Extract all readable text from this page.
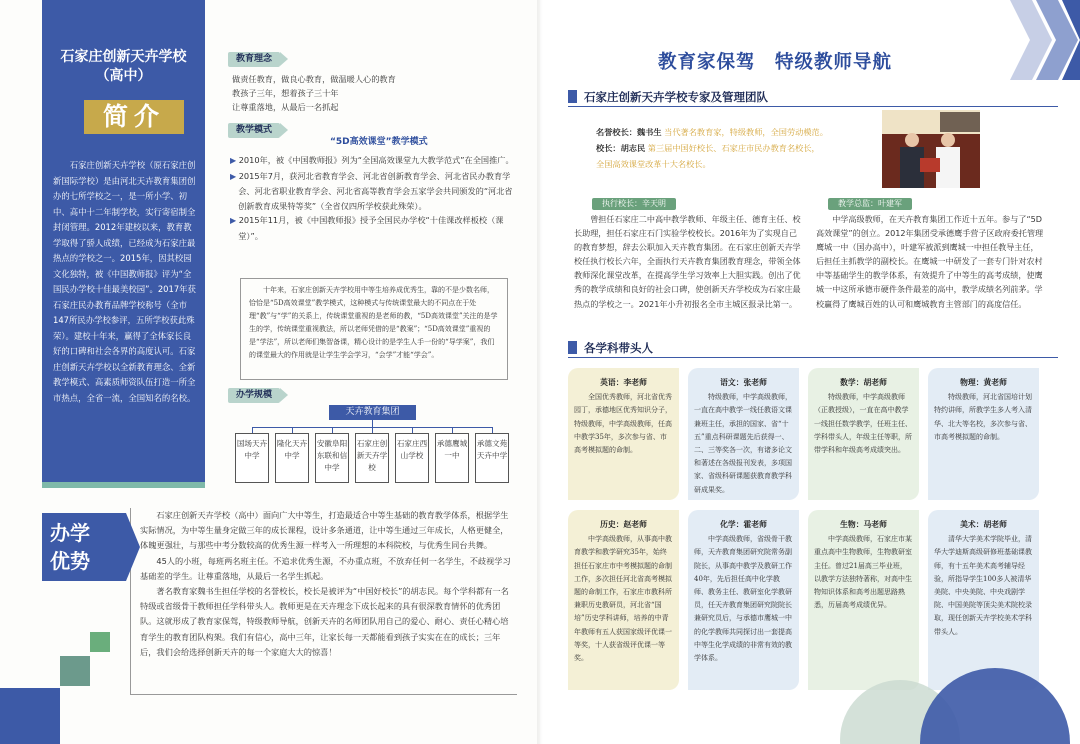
石家庄创新天卉学校
（高中）
简介
石家庄创新天卉学校（原石家庄创新国际学校）是由河北天卉教育集团创办的七所学校之一，是一所小学、初中、高中十二年制学校，实行寄宿制全封闭管理。2012年建校以来，教育教学取得了骄人成绩，已经成为石家庄最热点的学校之一。2015年，因其校园文化独特，被《中国教师报》评为“全国民办学校十佳最美校园”。2017年获石家庄民办教育品牌学校称号（全市147所民办学校参评，五所学校获此殊荣）。建校十年来，赢得了全体家长良好的口碑和社会各界的高度认可。石家庄创新天卉学校以全新教育理念、全新教学模式、高素质师资队伍打造一所全市热点，全省一流，全国知名的名校。
教育理念
做责任教育，做良心教育，做温暖人心的教育
教孩子三年，想着孩子三十年
让尊重落地，从最后一名抓起
教学模式
“5D高效课堂”教学模式
▶ 2010年，被《中国教师报》列为“全国高效课堂九大教学范式”在全国推广。
▶ 2015年7月，获河北省教育学会、河北省创新教育学会、河北省民办教育学会、河北省职业教育学会、河北省高等教育学会五家学会共同颁发的“河北省创新教育成果特等奖”（全省仅四所学校获此殊荣）。
▶ 2015年11月，被《中国教师报》授予全国民办学校“十佳课改样板校（课堂）”。
十年来，石家庄创新天卉学校用中等生培养成优秀生，靠的不是少数名师，恰恰是“5D高效课堂”教学模式，这种模式与传统课堂最大的不同点在于处理“教”与“学”的关系上，传统课堂重视的是老师的教，“5D高效课堂”关注的是学生的学，传统课堂重视教法，所以老师凭借的是“教案”；“5D高效课堂”重视的是“学法”，所以老师们集智备课，精心设计的是学生人手一份的“导学案”，我们的课堂最大的作用就是让学生学会学习，“会学”才能“学会”。
办学规模
天卉教育集团
国场天卉中学
隆化天卉中学
安徽阜阳东联和信中学
石家庄创新天卉学校
石家庄西山学校
承德鹰城一中
承德文苑天卉中学
办学
优势

石家庄创新天卉学校（高中）面向广大中等生，打造最适合中等生基础的教育教学体系，根据学生实际情况，为中等生量身定做三年的成长课程，设计多条通道，让中等生通过三年成长，人格更健全，体魄更强壮，与那些中考分数较高的优秀生源一样考入一所理想的本科院校，与优秀生同台共舞。

45人的小班，每班两名班主任。不追求优秀生源，不办重点班，不放弃任何一名学生，不歧视学习基础差的学生。让尊重落地，从最后一名学生抓起。

著名教育家魏书生担任学校的名誉校长，校长是被评为“中国好校长”的胡志民。每个学科都有一名特级或省级骨干教师担任学科带头人。教师更是在天卉理念下成长起来的具有很深教育情怀的优秀团队。这就形成了教育家保驾，特级教师导航，创新天卉的名师团队用自己的爱心、耐心、责任心精心培育学生的教育团队构架。我们有信心，高中三年，让家长每一天都能看到孩子实实在在的成长；三年后，我们会给选择创新天卉的每一个家庭大大的惊喜！

教育家保驾　特级教师导航
石家庄创新天卉学校专家及管理团队
名誉校长：魏书生 当代著名教育家，特级教师，全国劳动模范。
校长：胡志民 第三届中国好校长、石家庄市民办教育名校长，
全国高效课堂改革十大名校长。
执行校长：辛天明
曾担任石家庄二中高中教学教师、年级主任、德育主任、校长助理，担任石家庄石门实验学校校长。2016年为了实现自己的教育梦想，辞去公职加入天卉教育集团。在石家庄创新天卉学校任执行校长六年，全面执行天卉教育集团教育理念，带领全体教师深化课堂改革，在提高学生学习效率上大胆实践。创出了优秀的教学成绩和良好的社会口碑，使创新天卉学校成为石家庄最热点的学校之一。2021年小升初报名全市主城区报录比第一。
教学总监：叶建军
中学高级教师，在天卉教育集团工作近十五年。参与了“5D高效课堂”的创立。2012年集团受承德鹰手营子区政府委托管理鹰城一中（国办高中），叶建军被派到鹰城一中担任教导主任，后担任主抓教学的副校长。在鹰城一中研发了一套专门针对农村中等基础学生的教学体系，有效提升了中等生的高考成绩，使鹰城一中这所承德市硬件条件最差的高中，教学成绩名列前茅。学校赢得了鹰城百姓的认可和鹰城教育主管部门的高度信任。
各学科带头人
英语：李老师
全国优秀教师，河北省优秀园丁，承德地区优秀知识分子，特级教师，中学高级教师，任高中教学35年，多次参与省、市高考模拟题的命制。
语文：张老师
特级教师，中学高级教师，一直在高中教学一线任教语文课兼班主任，承担的国家、省“十五”重点科研课题先后获得一、二、三等奖各一次，有诸多论文和著述在各级报刊发表，多项国家、省级科研课题获教育教学科研成果奖。
数学：胡老师
特级教师，中学高级教师（正教授级），一直在高中教学一线担任数学教学，任班主任、学科带头人，年级主任等职，所带学科和年级高考成绩突出。
物理：黄老师
特级教师，河北省国培计划特约讲师，所教学生多人考入清华、北大等名校，多次参与省、市高考模拟题的命制。
历史：赵老师
中学高级教师，从事高中教育教学和教学研究35年，始终担任石家庄市中考模拟题的命制工作，多次担任河北省高考模拟题的命制工作，石家庄市教科所兼职历史教研员，河北省“国培”历史学科讲师，培养的中青年教师有五人获国家级评优课一等奖，十人获省级评优课一等奖。
化学：霍老师
中学高级教师，省级骨干教师，天卉教育集团研究院常务副院长，从事高中教学及教研工作40年，先后担任高中化学教师、教务主任、教研室化学教研员，任天卉教育集团研究院院长兼研究员后，与承德市鹰城一中的化学教师共同探讨出一套提高中等生化学成绩的非常有效的教学体系。
生物：马老师
中学高级教师，石家庄市某重点高中生物教师，生物教研室主任。曾过21届高三毕业班，以教学方法独特著称，对高中生物知识体系和高考出题思路熟悉，历届高考成绩优异。
美术：胡老师
清华大学美术学院毕业，清华大学迪斯高级研修班基础课教师，有十五年美术高考辅导经验，所指导学生100多人被清华美院、中央美院、中央戏剧学院、中国美院等顶尖美术院校录取，现任创新天卉学校美术学科带头人。
